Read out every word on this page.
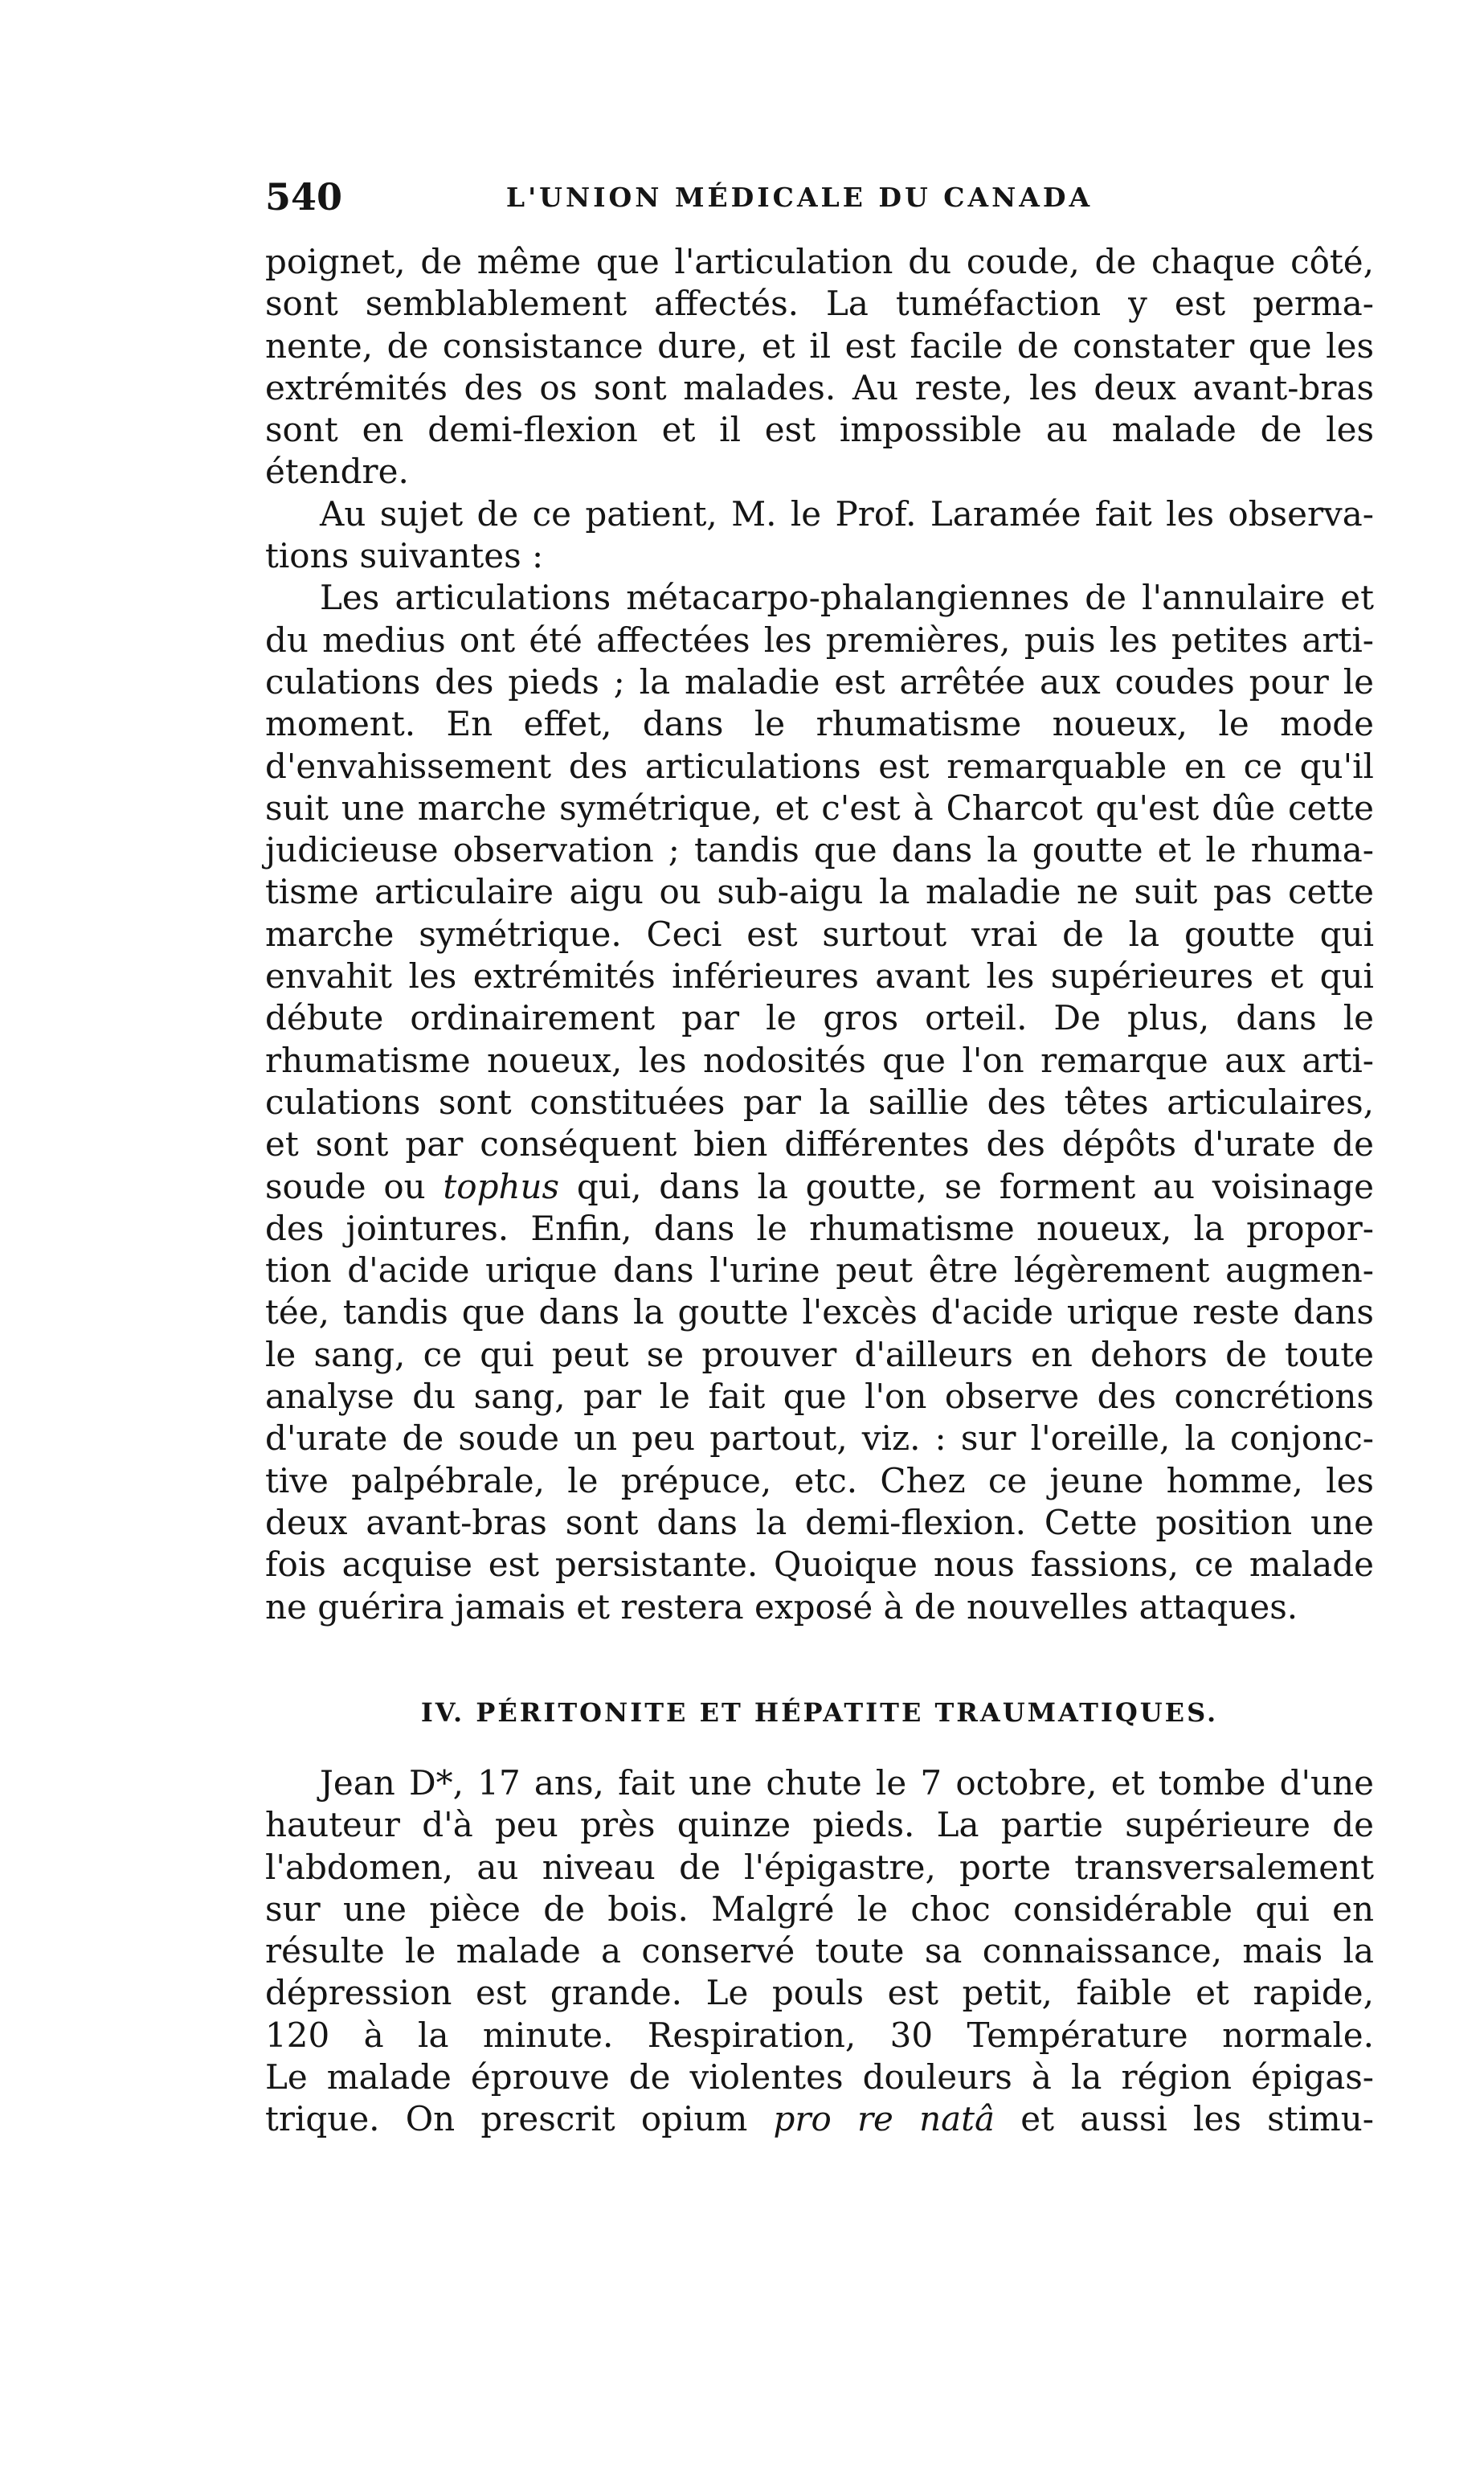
540	L'UNION MÉDICALE DU CANADA
poignet, de même que l'articulation du coude, de chaque côté,
sont semblablement affectés. La tuméfaction y est perma-
nente, de consistance dure, et il est facile de constater que les
extrémités des os sont malades. Au reste, les deux avant-bras
sont en demi-flexion et il est impossible au malade de les
étendre.
Au sujet de ce patient, M. le Prof. Laramée fait les observa-
tions suivantes :
Les articulations métacarpo-phalangiennes de l'annulaire et
du medius ont été affectées les premières, puis les petites arti-
culations des pieds ; la maladie est arrêtée aux coudes pour le
moment. En effet, dans le rhumatisme noueux, le mode
d'envahissement des articulations est remarquable en ce qu'il
suit une marche symétrique, et c'est à Charcot qu'est dûe cette
judicieuse observation ; tandis que dans la goutte et le rhuma-
tisme articulaire aigu ou sub-aigu la maladie ne suit pas cette
marche symétrique. Ceci est surtout vrai de la goutte qui
envahit les extrémités inférieures avant les supérieures et qui
débute ordinairement par le gros orteil. De plus, dans le
rhumatisme noueux, les nodosités que l'on remarque aux arti-
culations sont constituées par la saillie des têtes articulaires,
et sont par conséquent bien différentes des dépôts d'urate de
soude ou tophus qui, dans la goutte, se forment au voisinage
des jointures. Enfin, dans le rhumatisme noueux, la propor-
tion d'acide urique dans l'urine peut être légèrement augmen-
tée, tandis que dans la goutte l'excès d'acide urique reste dans
le sang, ce qui peut se prouver d'ailleurs en dehors de toute
analyse du sang, par le fait que l'on observe des concrétions
d'urate de soude un peu partout, viz. : sur l'oreille, la conjonc-
tive palpébrale, le prépuce, etc. Chez ce jeune homme, les
deux avant-bras sont dans la demi-flexion. Cette position une
fois acquise est persistante. Quoique nous fassions, ce malade
ne guérira jamais et restera exposé à de nouvelles attaques.
IV. PÉRITONITE ET HÉPATITE TRAUMATIQUES.
Jean D*, 17 ans, fait une chute le 7 octobre, et tombe d'une
hauteur d'à peu près quinze pieds. La partie supérieure de
l'abdomen, au niveau de l'épigastre, porte transversalement
sur une pièce de bois. Malgré le choc considérable qui en
résulte le malade a conservé toute sa connaissance, mais la
dépression est grande. Le pouls est petit, faible et rapide,
120 à la minute. Respiration, 30 Température normale.
Le malade éprouve de violentes douleurs à la région épigas-
trique. On prescrit opium pro re natâ et aussi les stimu-
